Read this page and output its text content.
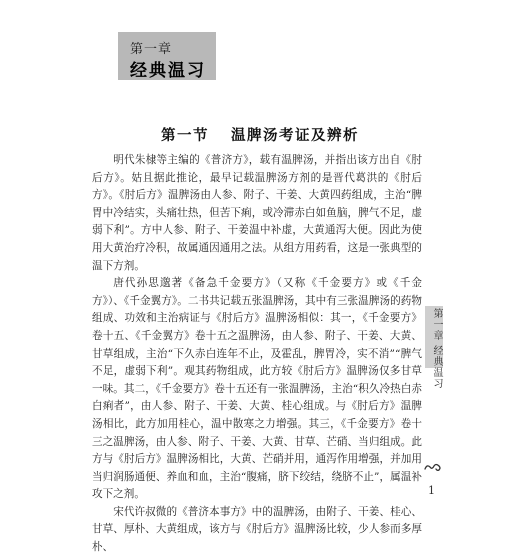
第一章
经典温习
第一节 温脾汤考证及辨析

明代朱棣等主编的《普济方》，载有温脾汤，并指出该方出自《肘后方》。姑且据此推论，最早记载温脾汤方剂的是晋代葛洪的《肘后方》。《肘后方》温脾汤由人参、附子、干姜、大黄四药组成，主治“脾胃中冷结实，头痛壮热，但苦下痢，或冷滞赤白如鱼脑，脾气不足，虚弱下利”。方中人参、附子、干姜温中补虚，大黄通泻大便。因此为使用大黄治疗冷积，故属通因通用之法。从组方用药看，这是一张典型的温下方剂。

唐代孙思邈著《备急千金要方》（又称《千金要方》或《千金方》）、《千金翼方》。二书共记载五张温脾汤，其中有三张温脾汤的药物组成、功效和主治病证与《肘后方》温脾汤相似：其一，《千金要方》卷十五、《千金翼方》卷十五之温脾汤，由人参、附子、干姜、大黄、甘草组成，主治“下久赤白连年不止，及霍乱，脾胃冷，实不消”“脾气不足，虚弱下利”。观其药物组成，此方较《肘后方》温脾汤仅多甘草一味。其二，《千金要方》卷十五还有一张温脾汤，主治“积久冷热白赤白痢者”，由人参、附子、干姜、大黄、桂心组成。与《肘后方》温脾汤相比，此方加用桂心，温中散寒之力增强。其三，《千金要方》卷十三之温脾汤，由人参、附子、干姜、大黄、甘草、芒硝、当归组成。此方与《肘后方》温脾汤相比，大黄、芒硝并用，通泻作用增强，并加用当归润肠通便、养血和血，主治“腹痛，脐下绞结，绕脐不止”，属温补攻下之剂。

宋代许叔微的《普济本事方》中的温脾汤，由附子、干姜、桂心、甘草、厚朴、大黄组成，该方与《肘后方》温脾汤比较，少人参而多厚朴、

第一章 经典温习
1
